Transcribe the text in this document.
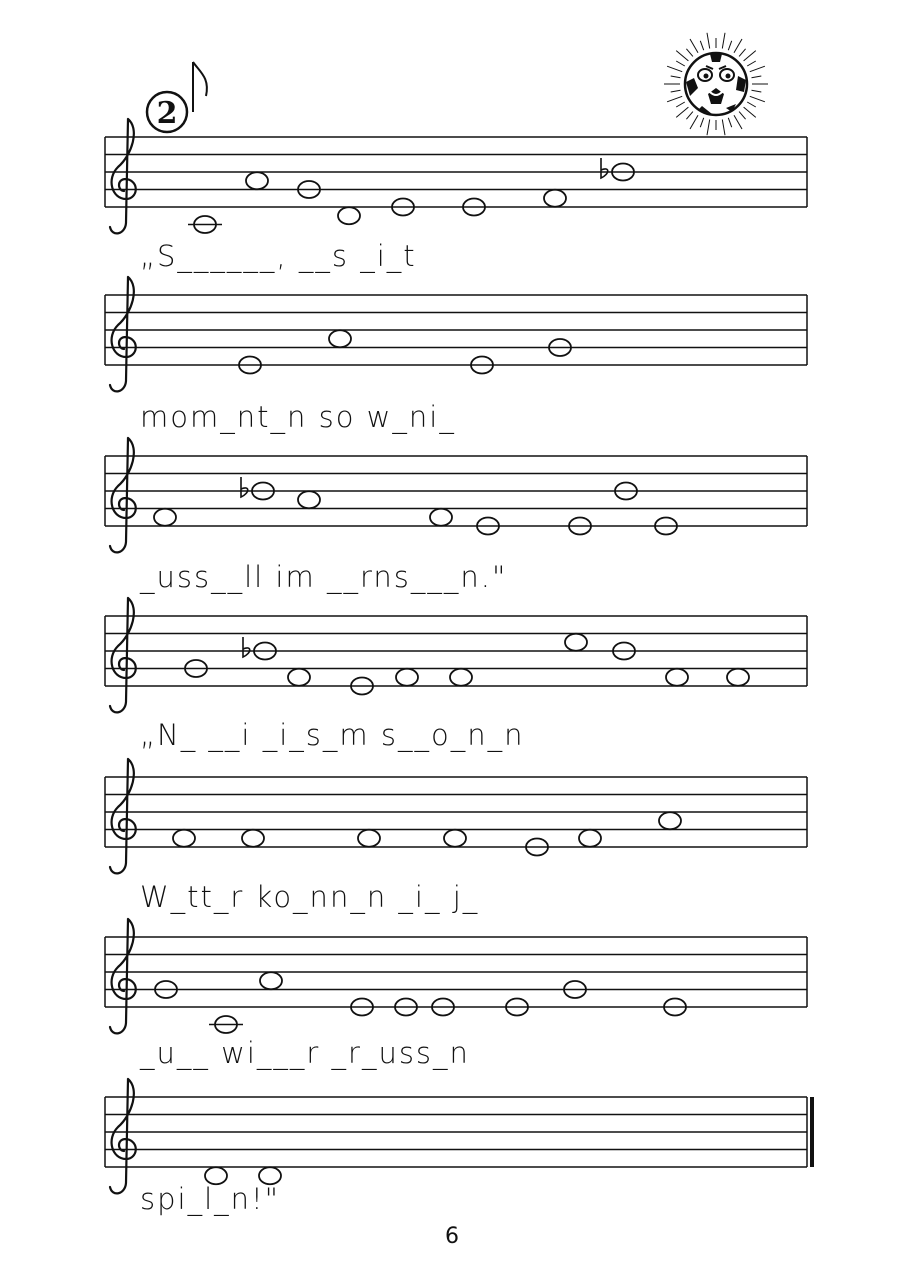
2
„S______, __s _i_t
mom_nt_n so w_ni_
_uss__ll im __rns___n."
„N_ __i _i_s_m s__o_n_n
W_tt_r ko_nn_n _i_ j_
_u__ wi___r _r_uss_n
spi_l_n!"
6
